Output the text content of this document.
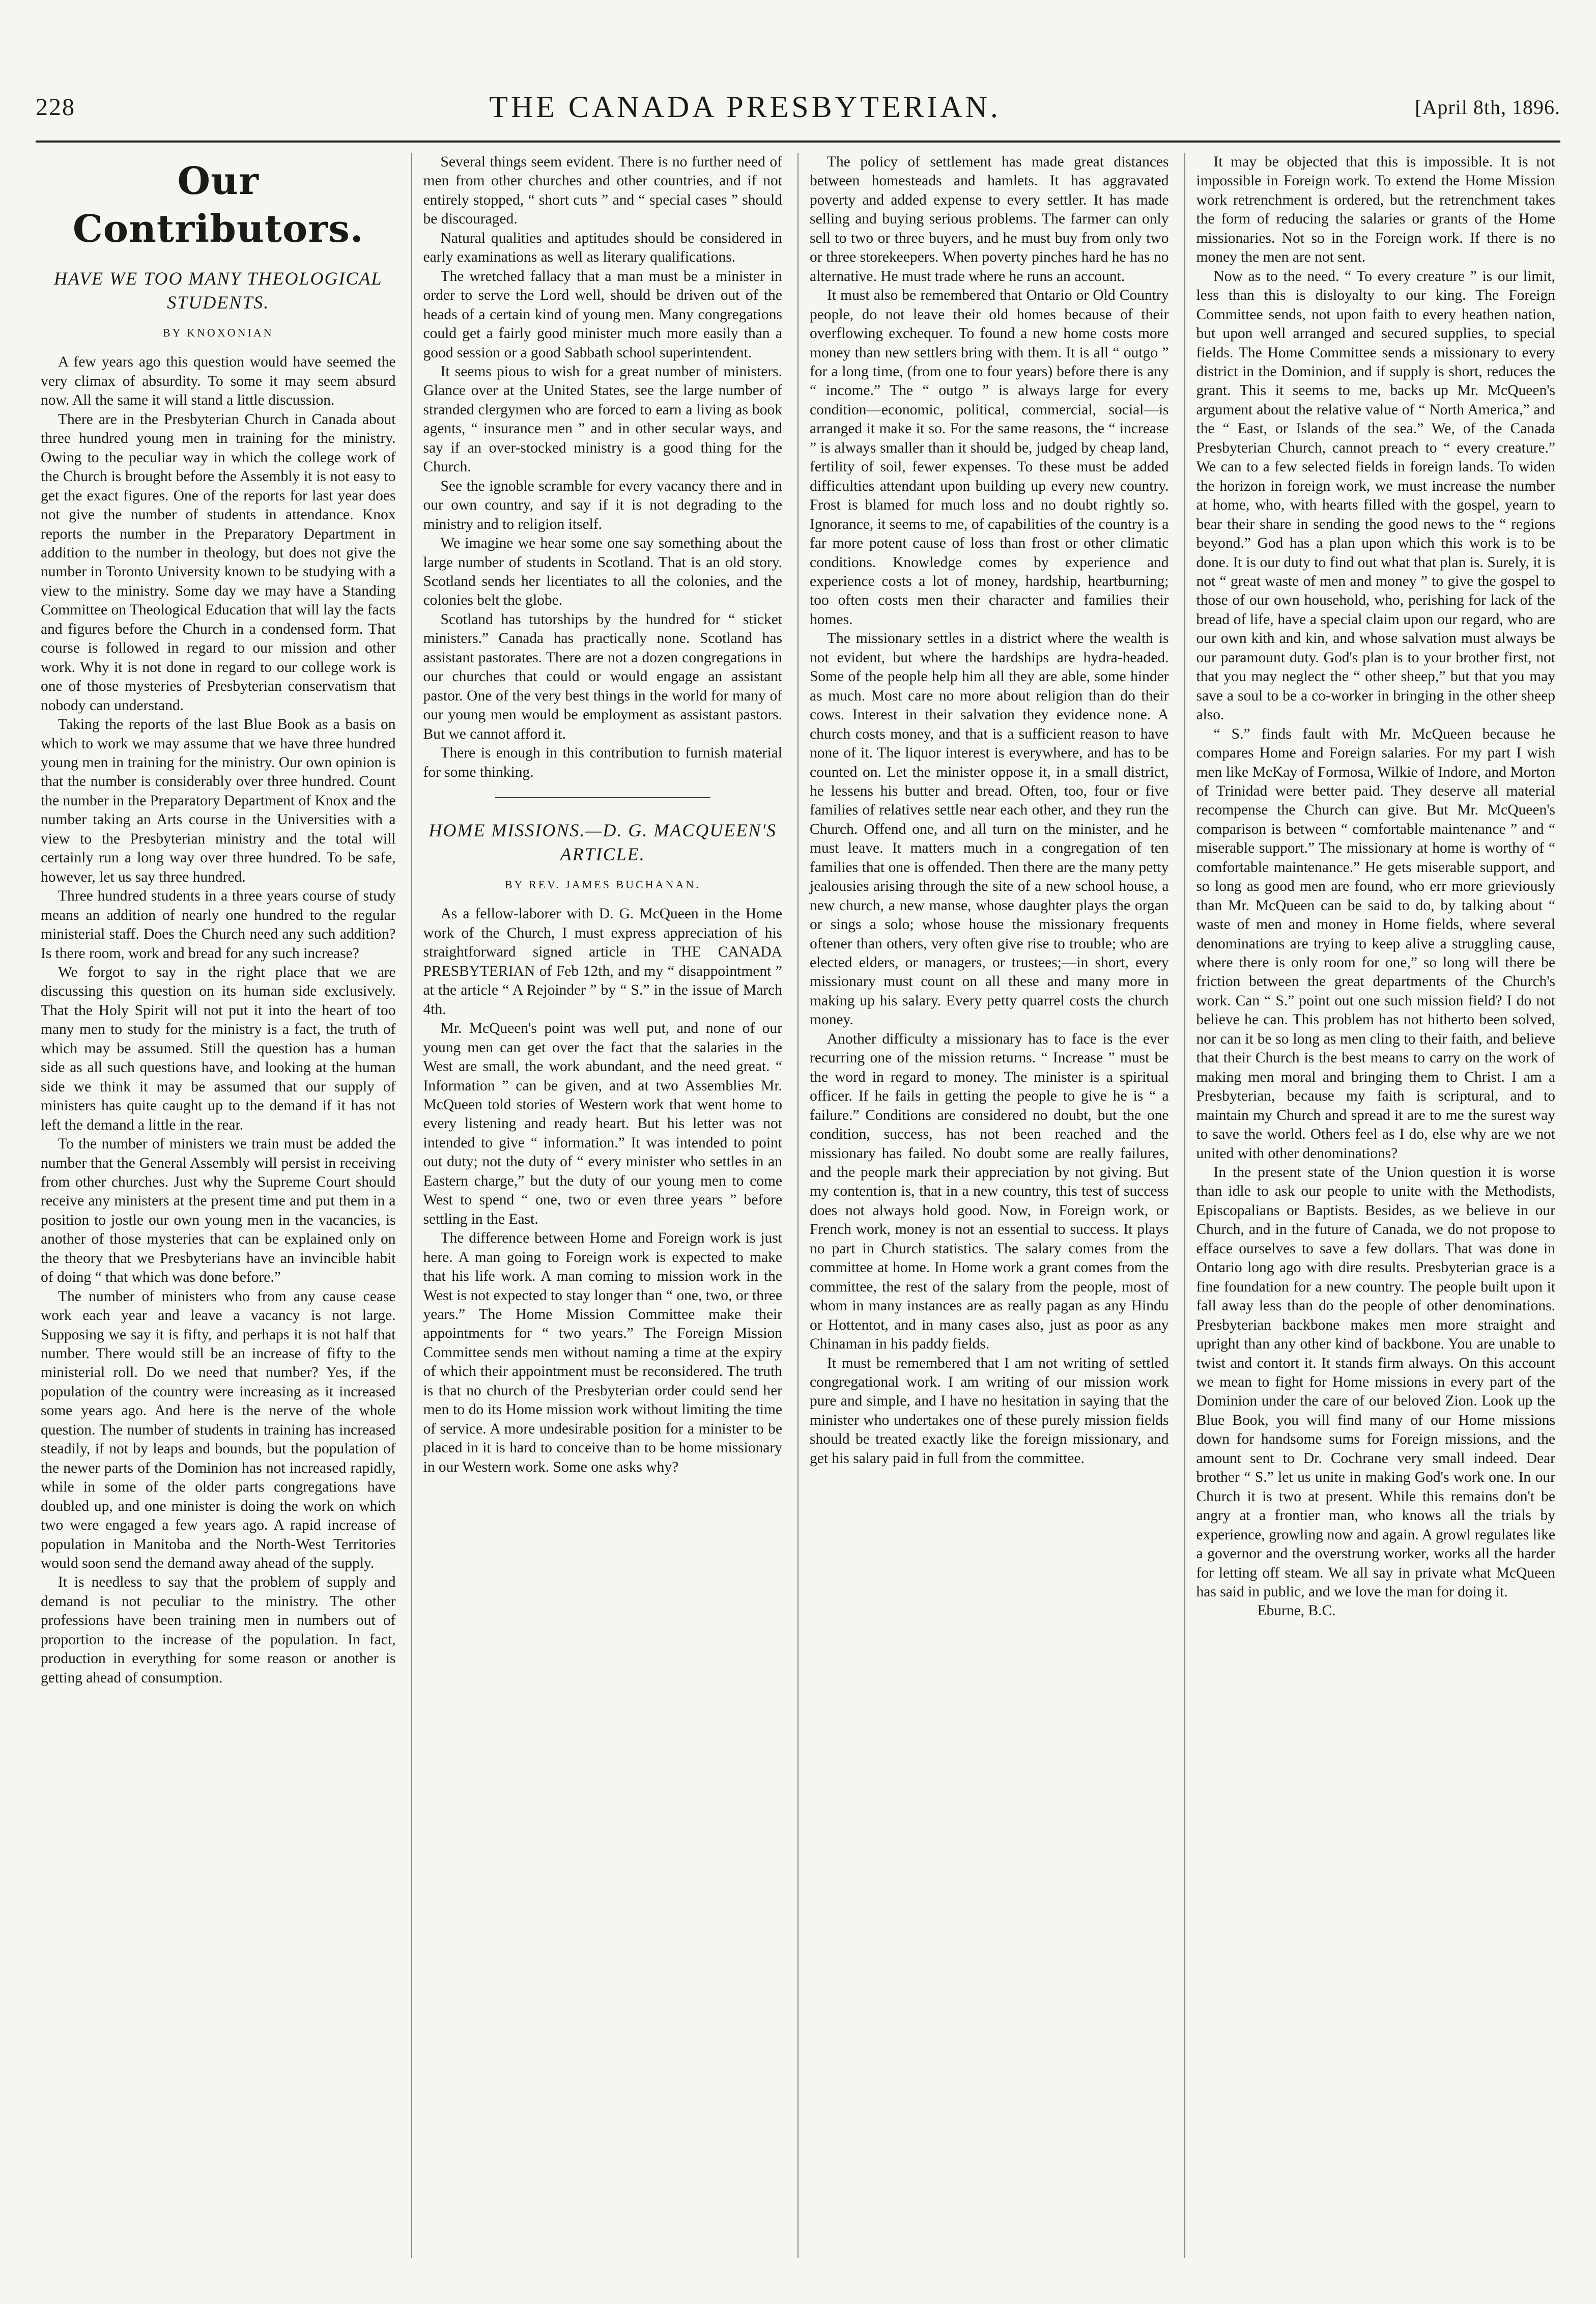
228	THE CANADA PRESBYTERIAN.	[April 8th, 1896.
Our Contributors.
HAVE WE TOO MANY THEOLOGICAL STUDENTS.
BY KNOXONIAN

A few years ago this question would have seemed the very climax of absurdity. To some it may seem absurd now. All the same it will stand a little discussion.

There are in the Presbyterian Church in Canada about three hundred young men in training for the ministry. Owing to the peculiar way in which the college work of the Church is brought before the Assembly it is not easy to get the exact figures. One of the reports for last year does not give the number of students in attendance. Knox reports the number in the Preparatory Department in addition to the number in theology, but does not give the number in Toronto University known to be studying with a view to the ministry. Some day we may have a Standing Committee on Theological Education that will lay the facts and figures before the Church in a condensed form. That course is followed in regard to our mission and other work. Why it is not done in regard to our college work is one of those mysteries of Presbyterian conservatism that nobody can understand.

Taking the reports of the last Blue Book as a basis on which to work we may assume that we have three hundred young men in training for the ministry. Our own opinion is that the number is considerably over three hundred. Count the number in the Preparatory Department of Knox and the number taking an Arts course in the Universities with a view to the Presbyterian ministry and the total will certainly run a long way over three hundred. To be safe, however, let us say three hundred.

Three hundred students in a three years course of study means an addition of nearly one hundred to the regular ministerial staff. Does the Church need any such addition? Is there room, work and bread for any such increase?

We forgot to say in the right place that we are discussing this question on its human side exclusively. That the Holy Spirit will not put it into the heart of too many men to study for the ministry is a fact, the truth of which may be assumed. Still the question has a human side as all such questions have, and looking at the human side we think it may be assumed that our supply of ministers has quite caught up to the demand if it has not left the demand a little in the rear.

To the number of ministers we train must be added the number that the General Assembly will persist in receiving from other churches. Just why the Supreme Court should receive any ministers at the present time and put them in a position to jostle our own young men in the vacancies, is another of those mysteries that can be explained only on the theory that we Presbyterians have an invincible habit of doing “ that which was done before.”

The number of ministers who from any cause cease work each year and leave a vacancy is not large. Supposing we say it is fifty, and perhaps it is not half that number. There would still be an increase of fifty to the ministerial roll. Do we need that number? Yes, if the population of the country were increasing as it increased some years ago. And here is the nerve of the whole question. The number of students in training has increased steadily, if not by leaps and bounds, but the population of the newer parts of the Dominion has not increased rapidly, while in some of the older parts congregations have doubled up, and one minister is doing the work on which two were engaged a few years ago. A rapid increase of population in Manitoba and the North-West Territories would soon send the demand away ahead of the supply.

It is needless to say that the problem of supply and demand is not peculiar to the ministry. The other professions have been training men in numbers out of proportion to the increase of the population. In fact, production in everything for some reason or another is getting ahead of consumption.

Several things seem evident. There is no further need of men from other churches and other countries, and if not entirely stopped, “ short cuts ” and “ special cases ” should be discouraged.

Natural qualities and aptitudes should be considered in early examinations as well as literary qualifications.

The wretched fallacy that a man must be a minister in order to serve the Lord well, should be driven out of the heads of a certain kind of young men. Many congregations could get a fairly good minister much more easily than a good session or a good Sabbath school superintendent.

It seems pious to wish for a great number of ministers. Glance over at the United States, see the large number of stranded clergymen who are forced to earn a living as book agents, “ insurance men ” and in other secular ways, and say if an over-stocked ministry is a good thing for the Church.

See the ignoble scramble for every vacancy there and in our own country, and say if it is not degrading to the ministry and to religion itself.

We imagine we hear some one say something about the large number of students in Scotland. That is an old story. Scotland sends her licentiates to all the colonies, and the colonies belt the globe.

Scotland has tutorships by the hundred for “ sticket ministers.” Canada has practically none. Scotland has assistant pastorates. There are not a dozen congregations in our churches that could or would engage an assistant pastor. One of the very best things in the world for many of our young men would be employment as assistant pastors. But we cannot afford it.

There is enough in this contribution to furnish material for some thinking.

HOME MISSIONS.—D. G. MACQUEEN'S ARTICLE.
BY REV. JAMES BUCHANAN.

As a fellow-laborer with D. G. McQueen in the Home work of the Church, I must express appreciation of his straightforward signed article in THE CANADA PRESBYTERIAN of Feb 12th, and my “ disappointment ” at the article “ A Rejoinder ” by “ S.” in the issue of March 4th.

Mr. McQueen's point was well put, and none of our young men can get over the fact that the salaries in the West are small, the work abundant, and the need great. “ Information ” can be given, and at two Assemblies Mr. McQueen told stories of Western work that went home to every listening and ready heart. But his letter was not intended to give “ information.” It was intended to point out duty; not the duty of “ every minister who settles in an Eastern charge,” but the duty of our young men to come West to spend “ one, two or even three years ” before settling in the East.

The difference between Home and Foreign work is just here. A man going to Foreign work is expected to make that his life work. A man coming to mission work in the West is not expected to stay longer than “ one, two, or three years.” The Home Mission Committee make their appointments for “ two years.” The Foreign Mission Committee sends men without naming a time at the expiry of which their appointment must be reconsidered. The truth is that no church of the Presbyterian order could send her men to do its Home mission work without limiting the time of service. A more undesirable position for a minister to be placed in it is hard to conceive than to be home missionary in our Western work. Some one asks why?

The policy of settlement has made great distances between homesteads and hamlets. It has aggravated poverty and added expense to every settler. It has made selling and buying serious problems. The farmer can only sell to two or three buyers, and he must buy from only two or three storekeepers. When poverty pinches hard he has no alternative. He must trade where he runs an account.

It must also be remembered that Ontario or Old Country people, do not leave their old homes because of their overflowing exchequer. To found a new home costs more money than new settlers bring with them. It is all “ outgo ” for a long time, (from one to four years) before there is any “ income.” The “ outgo ” is always large for every condition—economic, political, commercial, social—is arranged it make it so. For the same reasons, the “ increase ” is always smaller than it should be, judged by cheap land, fertility of soil, fewer expenses. To these must be added difficulties attendant upon building up every new country. Frost is blamed for much loss and no doubt rightly so. Ignorance, it seems to me, of capabilities of the country is a far more potent cause of loss than frost or other climatic conditions. Knowledge comes by experience and experience costs a lot of money, hardship, heartburning; too often costs men their character and families their homes.

The missionary settles in a district where the wealth is not evident, but where the hardships are hydra-headed. Some of the people help him all they are able, some hinder as much. Most care no more about religion than do their cows. Interest in their salvation they evidence none. A church costs money, and that is a sufficient reason to have none of it. The liquor interest is everywhere, and has to be counted on. Let the minister oppose it, in a small district, he lessens his butter and bread. Often, too, four or five families of relatives settle near each other, and they run the Church. Offend one, and all turn on the minister, and he must leave. It matters much in a congregation of ten families that one is offended. Then there are the many petty jealousies arising through the site of a new school house, a new church, a new manse, whose daughter plays the organ or sings a solo; whose house the missionary frequents oftener than others, very often give rise to trouble; who are elected elders, or managers, or trustees;—in short, every missionary must count on all these and many more in making up his salary. Every petty quarrel costs the church money.

Another difficulty a missionary has to face is the ever recurring one of the mission returns. “ Increase ” must be the word in regard to money. The minister is a spiritual officer. If he fails in getting the people to give he is “ a failure.” Conditions are considered no doubt, but the one condition, success, has not been reached and the missionary has failed. No doubt some are really failures, and the people mark their appreciation by not giving. But my contention is, that in a new country, this test of success does not always hold good. Now, in Foreign work, or French work, money is not an essential to success. It plays no part in Church statistics. The salary comes from the committee at home. In Home work a grant comes from the committee, the rest of the salary from the people, most of whom in many instances are as really pagan as any Hindu or Hottentot, and in many cases also, just as poor as any Chinaman in his paddy fields.

It must be remembered that I am not writing of settled congregational work. I am writing of our mission work pure and simple, and I have no hesitation in saying that the minister who undertakes one of these purely mission fields should be treated exactly like the foreign missionary, and get his salary paid in full from the committee.

It may be objected that this is impossible. It is not impossible in Foreign work. To extend the Home Mission work retrenchment is ordered, but the retrenchment takes the form of reducing the salaries or grants of the Home missionaries. Not so in the Foreign work. If there is no money the men are not sent.

Now as to the need. “ To every creature ” is our limit, less than this is disloyalty to our king. The Foreign Committee sends, not upon faith to every heathen nation, but upon well arranged and secured supplies, to special fields. The Home Committee sends a missionary to every district in the Dominion, and if supply is short, reduces the grant. This it seems to me, backs up Mr. McQueen's argument about the relative value of “ North America,” and the “ East, or Islands of the sea.” We, of the Canada Presbyterian Church, cannot preach to “ every creature.” We can to a few selected fields in foreign lands. To widen the horizon in foreign work, we must increase the number at home, who, with hearts filled with the gospel, yearn to bear their share in sending the good news to the “ regions beyond.” God has a plan upon which this work is to be done. It is our duty to find out what that plan is. Surely, it is not “ great waste of men and money ” to give the gospel to those of our own household, who, perishing for lack of the bread of life, have a special claim upon our regard, who are our own kith and kin, and whose salvation must always be our paramount duty. God's plan is to your brother first, not that you may neglect the “ other sheep,” but that you may save a soul to be a co-worker in bringing in the other sheep also.

“ S.” finds fault with Mr. McQueen because he compares Home and Foreign salaries. For my part I wish men like McKay of Formosa, Wilkie of Indore, and Morton of Trinidad were better paid. They deserve all material recompense the Church can give. But Mr. McQueen's comparison is between “ comfortable maintenance ” and “ miserable support.” The missionary at home is worthy of “ comfortable maintenance.” He gets miserable support, and so long as good men are found, who err more grieviously than Mr. McQueen can be said to do, by talking about “ waste of men and money in Home fields, where several denominations are trying to keep alive a struggling cause, where there is only room for one,” so long will there be friction between the great departments of the Church's work. Can “ S.” point out one such mission field? I do not believe he can. This problem has not hitherto been solved, nor can it be so long as men cling to their faith, and believe that their Church is the best means to carry on the work of making men moral and bringing them to Christ. I am a Presbyterian, because my faith is scriptural, and to maintain my Church and spread it are to me the surest way to save the world. Others feel as I do, else why are we not united with other denominations?

In the present state of the Union question it is worse than idle to ask our people to unite with the Methodists, Episcopalians or Baptists. Besides, as we believe in our Church, and in the future of Canada, we do not propose to efface ourselves to save a few dollars. That was done in Ontario long ago with dire results. Presbyterian grace is a fine foundation for a new country. The people built upon it fall away less than do the people of other denominations. Presbyterian backbone makes men more straight and upright than any other kind of backbone. You are unable to twist and contort it. It stands firm always. On this account we mean to fight for Home missions in every part of the Dominion under the care of our beloved Zion. Look up the Blue Book, you will find many of our Home missions down for handsome sums for Foreign missions, and the amount sent to Dr. Cochrane very small indeed. Dear brother “ S.” let us unite in making God's work one. In our Church it is two at present. While this remains don't be angry at a frontier man, who knows all the trials by experience, growling now and again. A growl regulates like a governor and the overstrung worker, works all the harder for letting off steam. We all say in private what McQueen has said in public, and we love the man for doing it.

Eburne, B.C.
